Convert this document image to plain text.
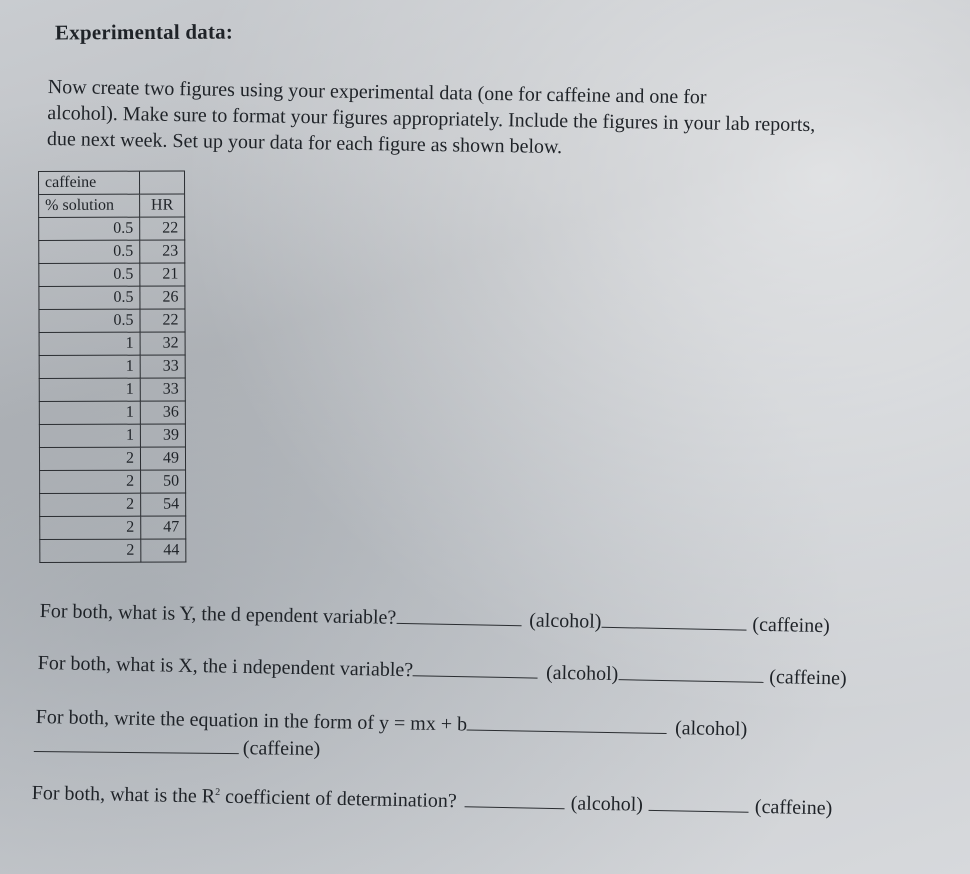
Experimental data:

Now create two figures using your experimental data (one for caffeine and one for

alcohol). Make sure to format your figures appropriately. Include the figures in your lab reports,

due next week. Set up your data for each figure as shown below.

caffeine	
% solution	HR
0.5	22
0.5	23
0.5	21
0.5	26
0.5	22
1	32
1	33
1	33
1	36
1	39
2	49
2	50
2	54
2	47
2	44
For both, what is Y, the d ependent variable?	(alcohol)	(caffeine)
For both, what is X, the i ndependent variable?	(alcohol)	(caffeine)
For both, write the equation in the form of y = mx + b	(alcohol)
(caffeine)
For both, what is the $R^2$ coefficient of determination?	(alcohol)	(caffeine)
